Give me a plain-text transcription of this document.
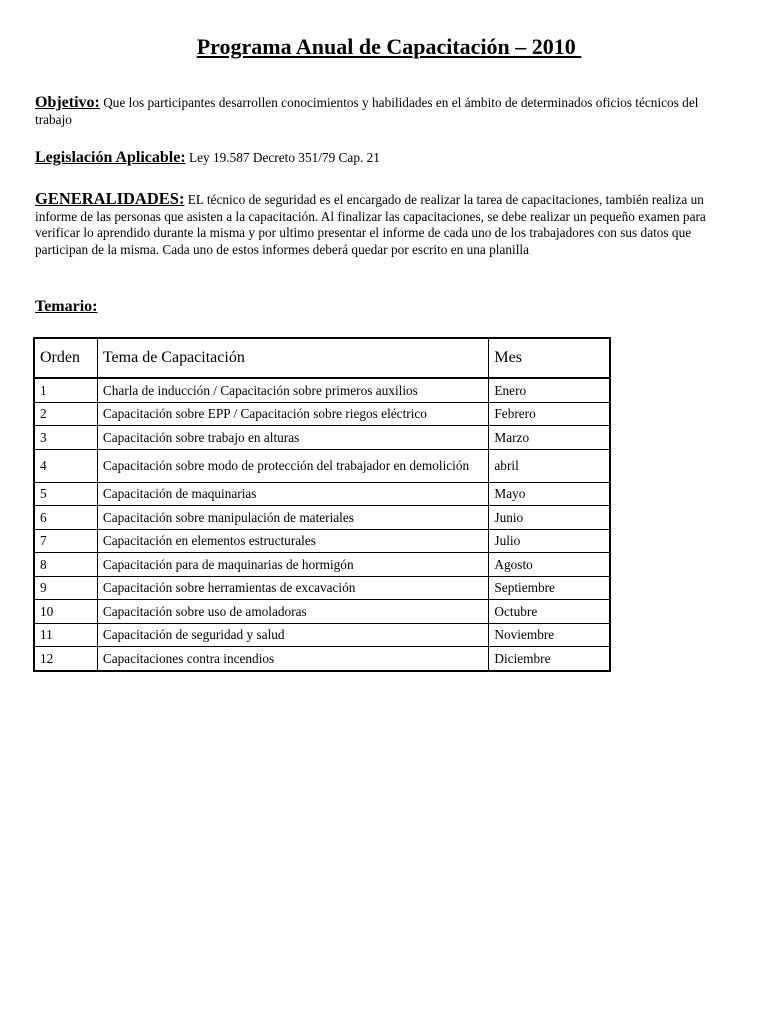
Programa Anual de Capacitación – 2010
Objetivo: Que los participantes desarrollen conocimientos y habilidades en el ámbito de determinados oficios técnicos del trabajo
Legislación Aplicable: Ley 19.587 Decreto 351/79 Cap. 21
GENERALIDADES: EL técnico de seguridad es el encargado de realizar la tarea de capacitaciones, también realiza un informe de las personas que asisten a la capacitación. Al finalizar las capacitaciones, se debe realizar un pequeño examen para verificar lo aprendido durante la misma y por ultimo presentar el informe de cada uno de los trabajadores con sus datos que participan de la misma. Cada uno de estos informes deberá quedar por escrito en una planilla
Temario:
Orden	Tema de Capacitación	Mes
1	Charla de inducción / Capacitación sobre primeros auxilios	Enero
2	Capacitación sobre EPP / Capacitación sobre riegos eléctrico	Febrero
3	Capacitación sobre trabajo en alturas	Marzo
4	Capacitación sobre modo de protección del trabajador en demolición	abril
5	Capacitación de maquinarias	Mayo
6	Capacitación sobre manipulación de materiales	Junio
7	Capacitación en elementos estructurales	Julio
8	Capacitación para de maquinarias de hormigón	Agosto
9	Capacitación sobre herramientas de excavación	Septiembre
10	Capacitación sobre uso de amoladoras	Octubre
11	Capacitación de seguridad y salud	Noviembre
12	Capacitaciones contra incendios	Diciembre
